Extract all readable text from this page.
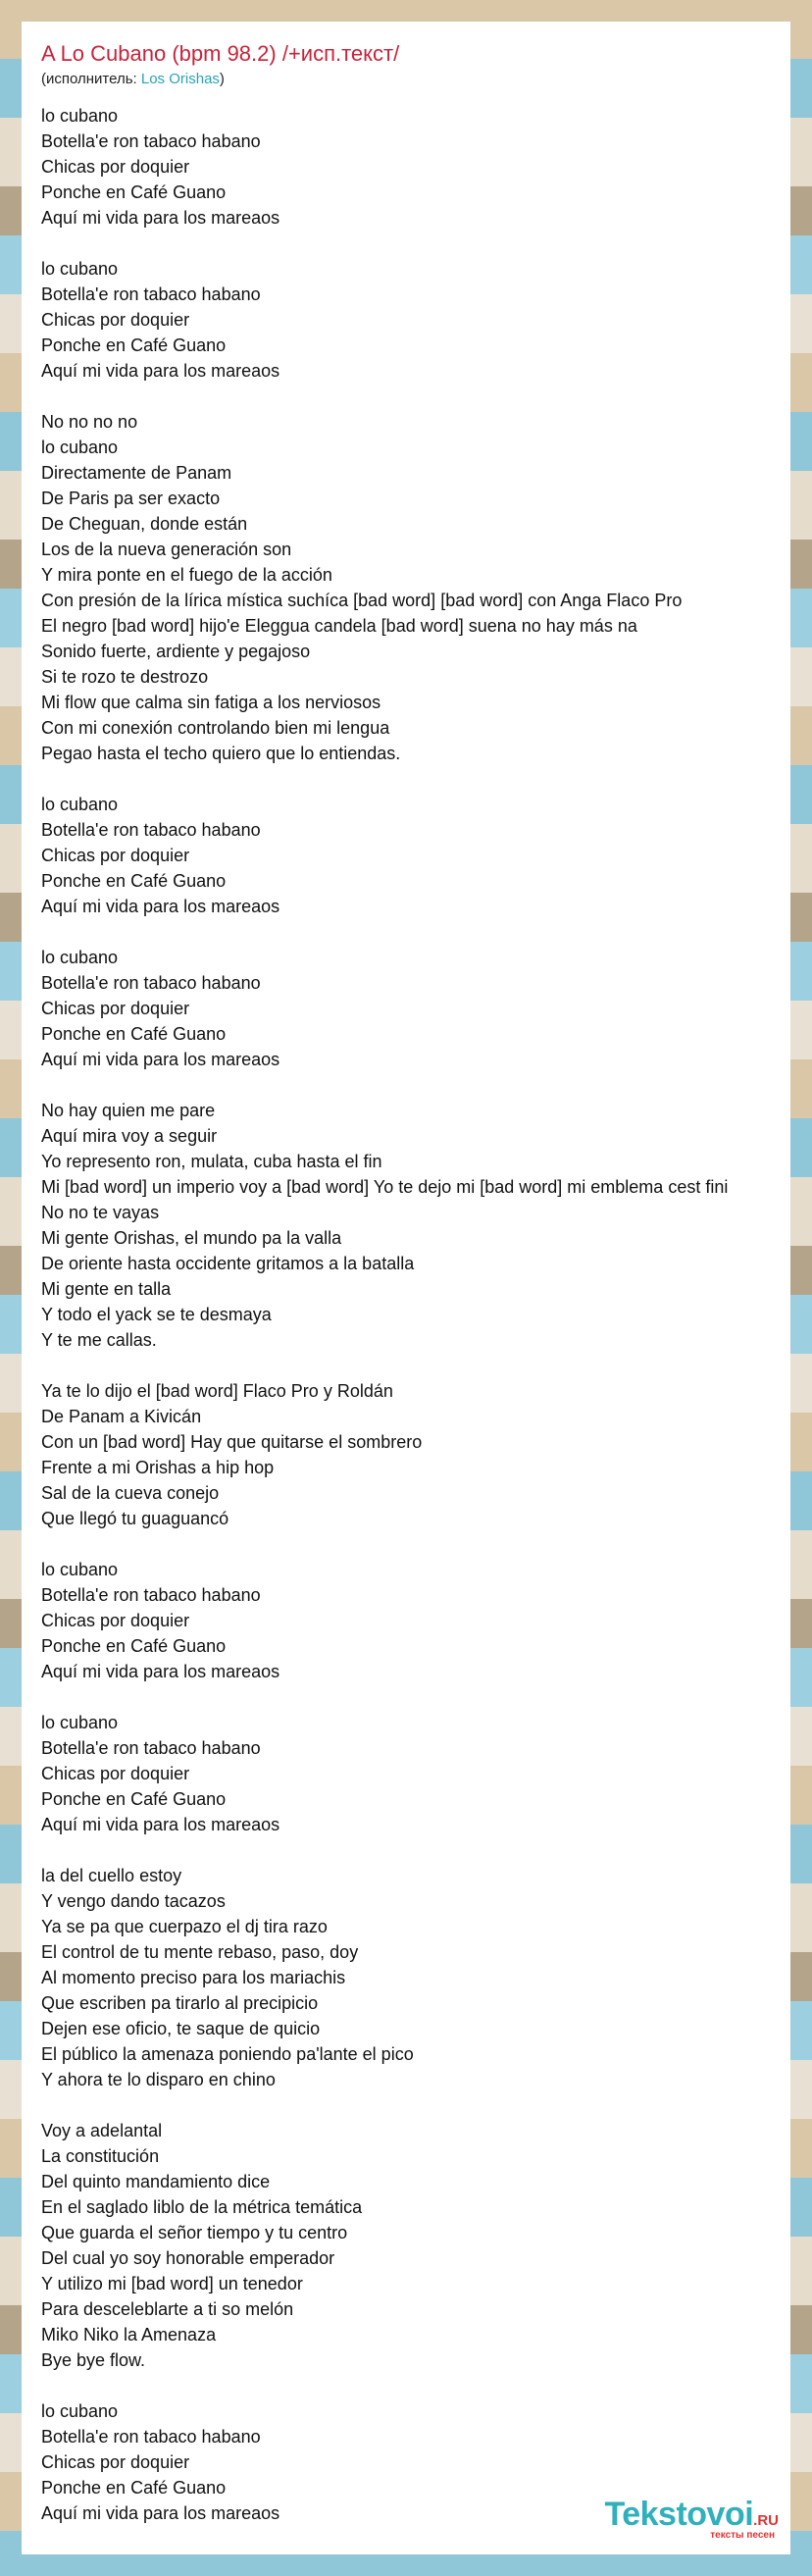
A Lo Cubano (bpm 98.2) /+исп.текст/
(исполнитель: Los Orishas)
lo cubano
Botella'e ron tabaco habano
Chicas por doquier
Ponche en Café Guano
Aquí mi vida para los mareaos
lo cubano
Botella'e ron tabaco habano
Chicas por doquier
Ponche en Café Guano
Aquí mi vida para los mareaos
No no no no
lo cubano
Directamente de Panam
De Paris pa ser exacto
De Cheguan, donde están
Los de la nueva generación son
Y mira ponte en el fuego de la acción
Con presión de la lírica mística suchíca [bad word] [bad word] con Anga Flaco Pro
El negro [bad word] hijo'e Eleggua candela [bad word] suena no hay más na
Sonido fuerte, ardiente y pegajoso
Si te rozo te destrozo
Mi flow que calma sin fatiga a los nerviosos
Con mi conexión controlando bien mi lengua
Pegao hasta el techo quiero que lo entiendas.
lo cubano
Botella'e ron tabaco habano
Chicas por doquier
Ponche en Café Guano
Aquí mi vida para los mareaos
lo cubano
Botella'e ron tabaco habano
Chicas por doquier
Ponche en Café Guano
Aquí mi vida para los mareaos
No hay quien me pare
Aquí mira voy a seguir
Yo represento ron, mulata, cuba hasta el fin
Mi [bad word] un imperio voy a [bad word] Yo te dejo mi [bad word] mi emblema cest fini
No no te vayas
Mi gente Orishas, el mundo pa la valla
De oriente hasta occidente gritamos a la batalla
Mi gente en talla
Y todo el yack se te desmaya
Y te me callas.
Ya te lo dijo el [bad word] Flaco Pro y Roldán
De Panam a Kivicán
Con un [bad word] Hay que quitarse el sombrero
Frente a mi Orishas a hip hop
Sal de la cueva conejo
Que llegó tu guaguancó
lo cubano
Botella'e ron tabaco habano
Chicas por doquier
Ponche en Café Guano
Aquí mi vida para los mareaos
lo cubano
Botella'e ron tabaco habano
Chicas por doquier
Ponche en Café Guano
Aquí mi vida para los mareaos
la del cuello estoy
Y vengo dando tacazos
Ya se pa que cuerpazo el dj tira razo
El control de tu mente rebaso, paso, doy
Al momento preciso para los mariachis
Que escriben pa tirarlo al precipicio
Dejen ese oficio, te saque de quicio
El público la amenaza poniendo pa'lante el pico
Y ahora te lo disparo en chino
Voy a adelantal
La constitución
Del quinto mandamiento dice
En el saglado liblo de la métrica temática
Que guarda el señor tiempo y tu centro
Del cual yo soy honorable emperador
Y utilizo mi [bad word] un tenedor
Para desceleblarte a ti so melón
Miko Niko la Amenaza
Bye bye flow.
lo cubano
Botella'e ron tabaco habano
Chicas por doquier
Ponche en Café Guano
Aquí mi vida para los mareaos	Tekstovoi.RU
тексты песен
